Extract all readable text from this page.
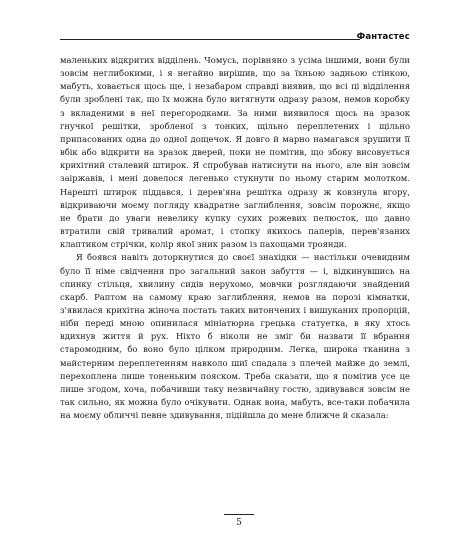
Фантастес

маленьких відкритих відділень. Чомусь, порівняно з усіма іншими, вони були зовсім неглибокими, і я негайно вирішив, що за їхньою задньою стінкою, мабуть, ховається щось ще, і незабаром справді виявив, що всі ці відділення були зроблені так, що їх можна було витягнути одразу разом, немов коробку з вкладеними в неї перегородками. За ними виявилося щось на зразок гнучкої решітки, зробленої з тонких, щільно переплетених і щільно припасованих одна до одної дощечок. Я довго й марно намагався зрушити її вбік або відкрити на зразок дверей, поки не помітив, що збоку висовується крихітний сталевий штирок. Я спробував натиснути на нього, але він зовсім заіржавів, і мені довелося легенько стукнути по ньому старим молотком. Нарешті штирок піддався, і дерев'яна решітка одразу ж ковзнула вгору, відкриваючи моєму погляду квадратне заглиблення, зовсім порожнє, якщо не брати до уваги невелику купку сухих рожевих пелюсток, що давно втратили свій тривалий аромат, і стопку якихось паперів, перев'язаних клаптиком стрічки, колір якої зник разом із пахощами троянди.

Я боявся навіть доторкнутися до своєї знахідки — настільки очевидним було її німе свідчення про загальний закон забуття — і, відкинувшись на спинку стільця, хвилину сидів нерухомо, мовчки розглядаючи знайдений скарб. Раптом на самому краю заглиблення, немов на порозі кімнатки, з'явилася крихітна жіноча постать таких витончених і вишуканих пропорцій, ніби переді мною опинилася мініатюрна грецька статуетка, в яку хтось вдихнув життя й рух. Ніхто б ніколи не зміг би назвати її вбрання старомодним, бо воно було цілком природним. Легка, широка тканина з майстерним переплетенням навколо шиї спадала з плечей майже до землі, перехоплена лише тоненьким пояском. Треба сказати, що я помітив усе це лише згодом, хоча, побачивши таку незвичайну гостю, здивувався зовсім не так сильно, як можна було очікувати. Однак вона, мабуть, все-таки побачила на моєму обличчі певне здивування, підійшла до мене ближче й сказала:

5
